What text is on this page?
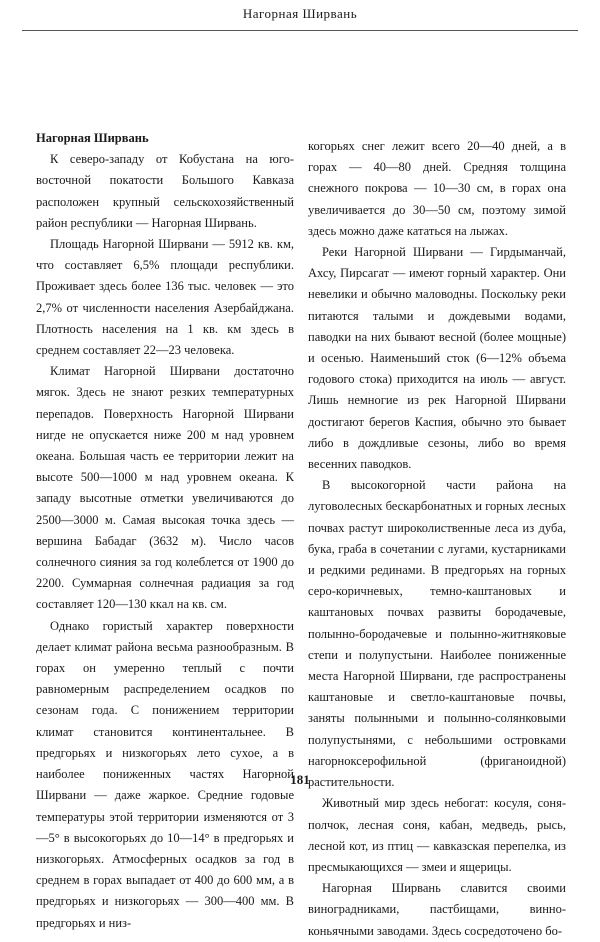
Нагорная Ширвань

Нагорная Ширвань

К северо-западу от Кобустана на юго-восточной покатости Большого Кавказа расположен крупный сельскохозяйственный район республики — Нагорная Ширвань.

Площадь Нагорной Ширвани — 5912 кв. км, что составляет 6,5% площади республики. Проживает здесь более 136 тыс. человек — это 2,7% от численности населения Азербайджана. Плотность населения на 1 кв. км здесь в среднем составляет 22—23 человека.

Климат Нагорной Ширвани достаточно мягок. Здесь не знают резких температурных перепадов. Поверхность Нагорной Ширвани нигде не опускается ниже 200 м над уровнем океана. Большая часть ее территории лежит на высоте 500—1000 м над уровнем океана. К западу высотные отметки увеличиваются до 2500—3000 м. Самая высокая точка здесь — вершина Бабадаг (3632 м). Число часов солнечного сияния за год колеблется от 1900 до 2200. Суммарная солнечная радиация за год составляет 120—130 ккал на кв. см.

Однако гористый характер поверхности делает климат района весьма разнообразным. В горах он умеренно теплый с почти равномерным распределением осадков по сезонам года. С понижением территории климат становится континентальнее. В предгорьях и низкогорьях лето сухое, а в наиболее пониженных частях Нагорной Ширвани — даже жаркое. Средние годовые температуры этой территории изменяются от 3—5° в высокогорьях до 10—14° в предгорьях и низкогорьях. Атмосферных осадков за год в среднем в горах выпадает от 400 до 600 мм, а в предгорьях и низкогорьях — 300—400 мм. В предгорьях и низ-

когорьях снег лежит всего 20—40 дней, а в горах — 40—80 дней. Средняя толщина снежного покрова — 10—30 см, в горах она увеличивается до 30—50 см, поэтому зимой здесь можно даже кататься на лыжах.

Реки Нагорной Ширвани — Гирдыманчай, Ахсу, Пирсагат — имеют горный характер. Они невелики и обычно маловодны. Поскольку реки питаются талыми и дождевыми водами, паводки на них бывают весной (более мощные) и осенью. Наименьший сток (6—12% объема годового стока) приходится на июль — август. Лишь немногие из рек Нагорной Ширвани достигают берегов Каспия, обычно это бывает либо в дождливые сезоны, либо во время весенних паводков.

В высокогорной части района на луговолесных бескарбонатных и горных лесных почвах растут широколиственные леса из дуба, бука, граба в сочетании с лугами, кустарниками и редкими рединами. В предгорьях на горных серо-коричневых, темно-каштановых и каштановых почвах развиты бородачевые, полынно-бородачевые и полынно-житняковые степи и полупустыни. Наиболее пониженные места Нагорной Ширвани, где распространены каштановые и светло-каштановые почвы, заняты полынными и полынно-солянковыми полупустынями, с небольшими островками нагорноксерофильной (фриганоидной) растительности.

Животный мир здесь небогат: косуля, соня-полчок, лесная соня, кабан, медведь, рысь, лесной кот, из птиц — кавказская перепелка, из пресмыкающихся — змеи и ящерицы.

Нагорная Ширвань славится своими виноградниками, пастбищами, винно-коньячными заводами. Здесь сосредоточено бо-

181
